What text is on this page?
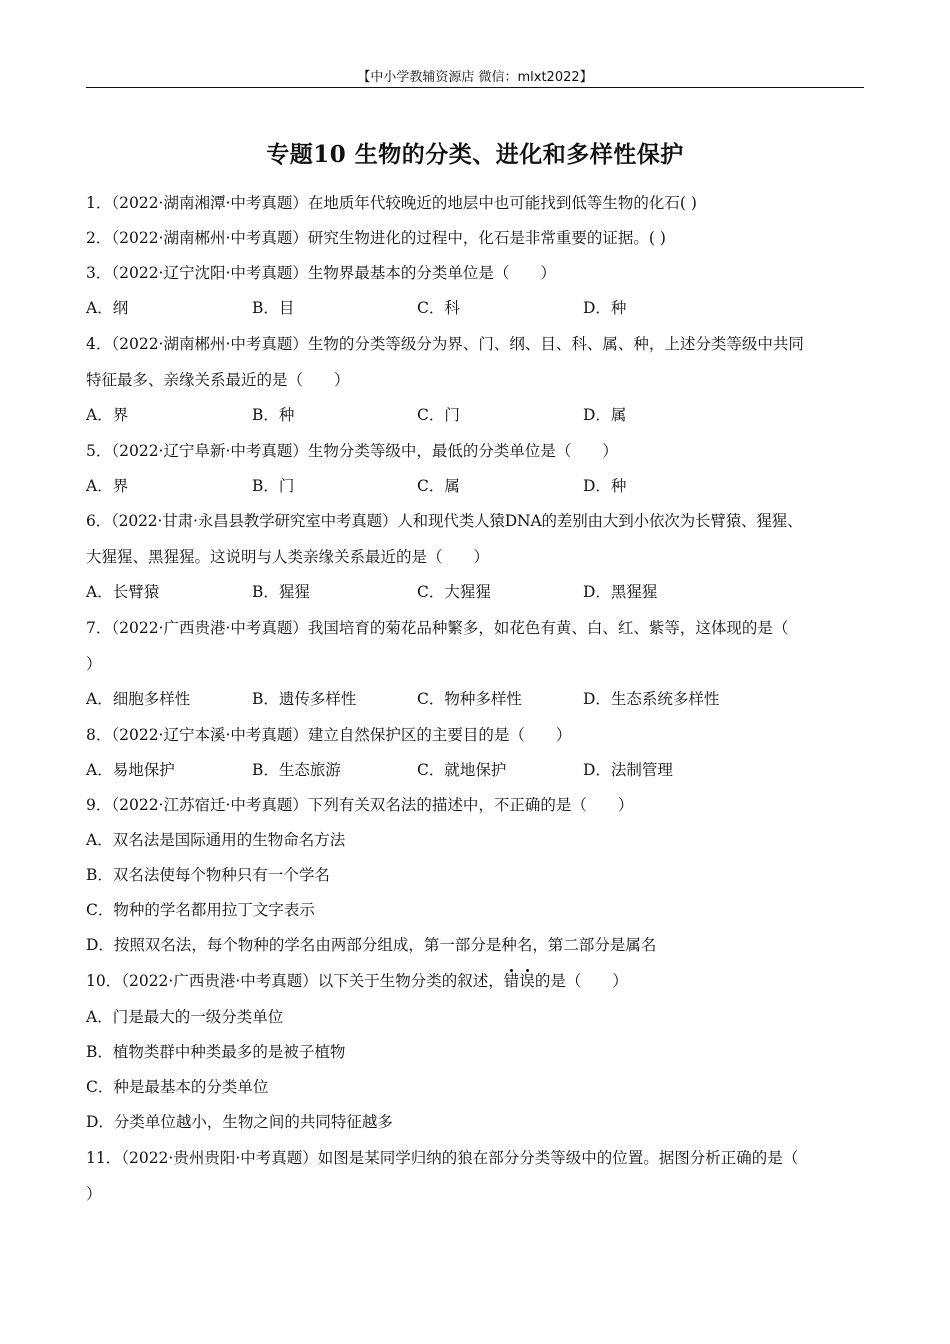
【中小学教辅资源店 微信：mlxt2022】
专题10 生物的分类、进化和多样性保护
1．（2022·湖南湘潭·中考真题）在地质年代较晚近的地层中也可能找到低等生物的化石( )
2．（2022·湖南郴州·中考真题）研究生物进化的过程中，化石是非常重要的证据。( )
3．（2022·辽宁沈阳·中考真题）生物界最基本的分类单位是（　　）
A．纲	B．目	C．科	D．种
4．（2022·湖南郴州·中考真题）生物的分类等级分为界、门、纲、目、科、属、种，上述分类等级中共同
特征最多、亲缘关系最近的是（　　）
A．界	B．种	C．门	D．属
5．（2022·辽宁阜新·中考真题）生物分类等级中，最低的分类单位是（　　）
A．界	B．门	C．属	D．种
6．（2022·甘肃·永昌县教学研究室中考真题）人和现代类人猿DNA的差别由大到小依次为长臂猿、猩猩、
大猩猩、黑猩猩。这说明与人类亲缘关系最近的是（　　）
A．长臂猿	B．猩猩	C．大猩猩	D．黑猩猩
7．（2022·广西贵港·中考真题）我国培育的菊花品种繁多，如花色有黄、白、红、紫等，这体现的是（
）
A．细胞多样性	B．遗传多样性	C．物种多样性	D．生态系统多样性
8．（2022·辽宁本溪·中考真题）建立自然保护区的主要目的是（　　）
A．易地保护	B．生态旅游	C．就地保护	D．法制管理
9．（2022·江苏宿迁·中考真题）下列有关双名法的描述中，不正确的是（　　）
A．双名法是国际通用的生物命名方法
B．双名法使每个物种只有一个学名
C．物种的学名都用拉丁文字表示
D．按照双名法，每个物种的学名由两部分组成，第一部分是种名，第二部分是属名
10．（2022·广西贵港·中考真题）以下关于生物分类的叙述，错误的是（　　）
A．门是最大的一级分类单位
B．植物类群中种类最多的是被子植物
C．种是最基本的分类单位
D．分类单位越小，生物之间的共同特征越多
11．（2022·贵州贵阳·中考真题）如图是某同学归纳的狼在部分分类等级中的位置。据图分析正确的是（
）
